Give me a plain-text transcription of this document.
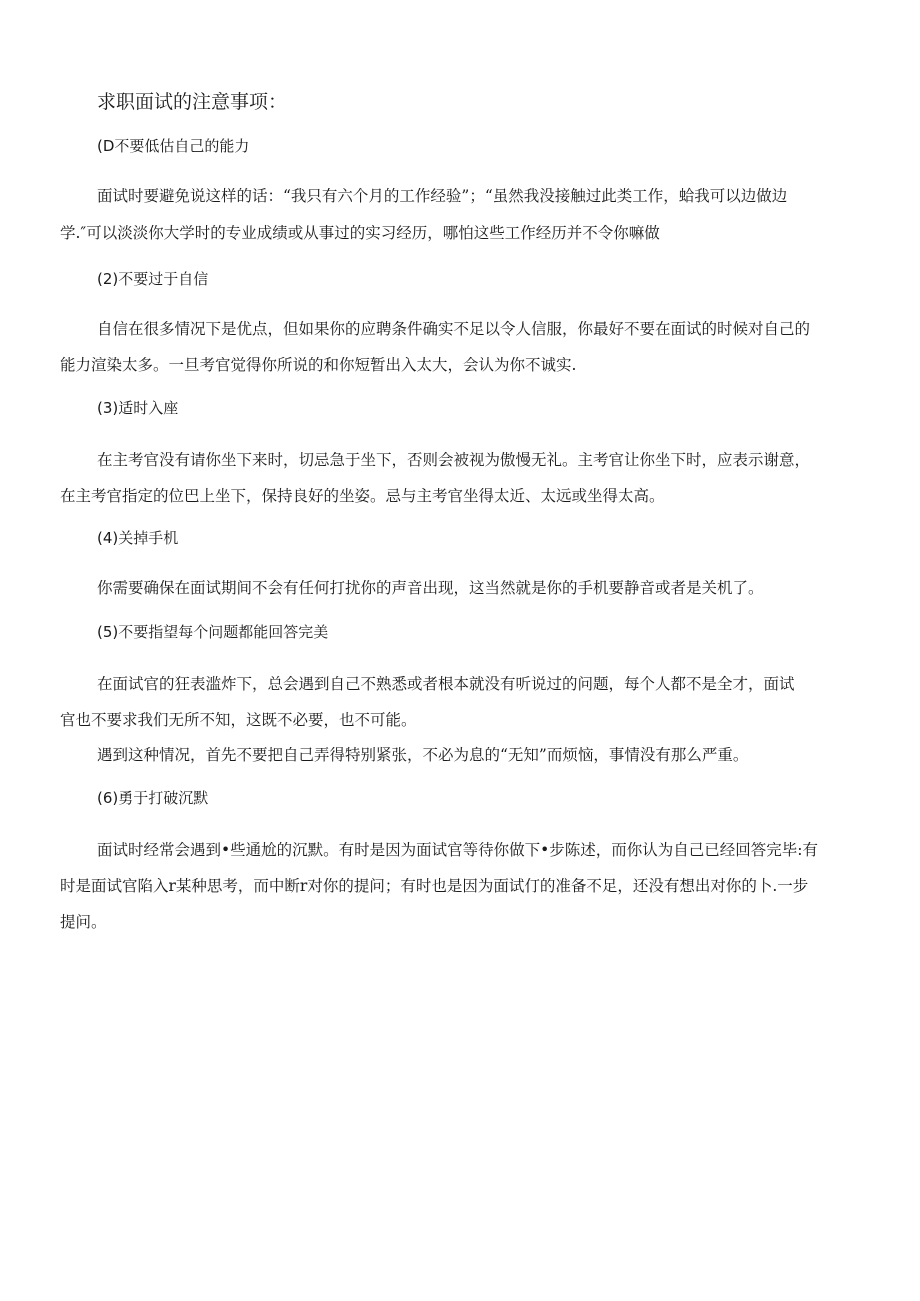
求职面试的注意事项：
(D不要低估自己的能力
面试时要避免说这样的话：“我只有六个月的工作经验”；“虽然我没接触过此类工作，蛤我可以边做边
学.″可以淡淡你大学时的专业成绩或从事过的实习经历，哪怕这些工作经历并不令你嘛做
(2)不要过于自信
自信在很多情况下是优点，但如果你的应聘条件确实不足以令人信服，你最好不要在面试的时候对自己的
能力渲染太多。一旦考官觉得你所说的和你短暂出入太大，会认为你不诚实.
(3)适时入座
在主考官没有请你坐下来时，切忌急于坐下，否则会被视为傲慢无礼。主考官让你坐下时，应表示谢意，
在主考官指定的位巴上坐下，保持良好的坐姿。忌与主考官坐得太近、太远或坐得太高。
(4)关掉手机
你需要确保在面试期间不会有任何打扰你的声音出现，这当然就是你的手机要静音或者是关机了。
(5)不要指望每个问题都能回答完美
在面试官的狂表滥炸下，总会遇到自己不熟悉或者根本就没有听说过的问题，每个人都不是全才，面试
官也不要求我们无所不知，这既不必要，也不可能。
遇到这种情况，首先不要把自己弄得特别紧张，不必为息的“无知”而烦恼，事情没有那么严重。
(6)勇于打破沉默
面试时经常会遇到•些通尬的沉默。有时是因为面试官等待你做下•步陈述，而你认为自己已经回答完毕:有
时是面试官陷入r某种思考，而中断r对你的提问；有时也是因为面试仃的准备不足，还没有想出对你的卜.一步
提问。
